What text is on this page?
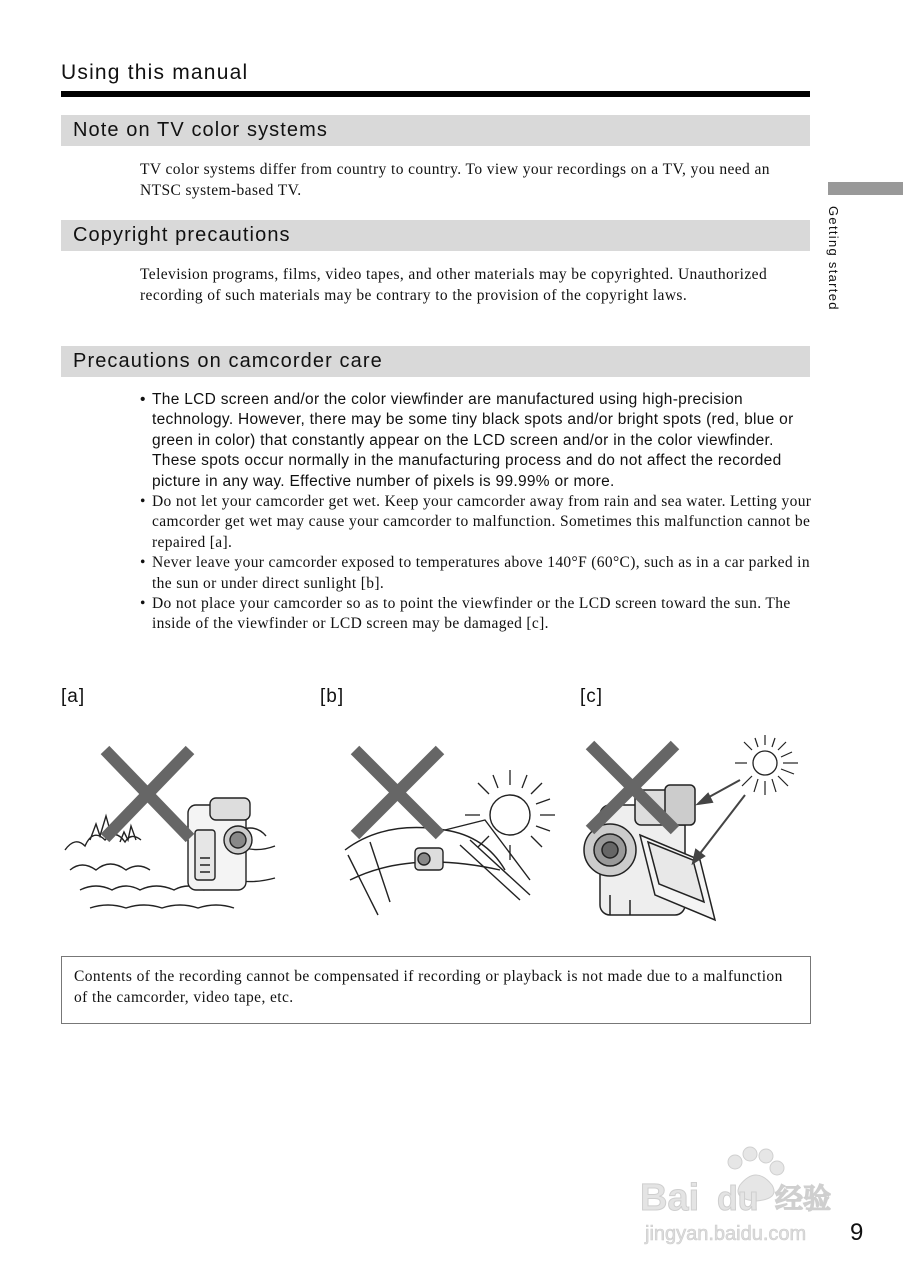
Using this manual
Getting started
Note on TV color systems
TV color systems differ from country to country. To view your recordings on a TV, you need an NTSC system-based TV.
Copyright precautions
Television programs, films, video tapes, and other materials may be copyrighted. Unauthorized recording of such materials may be contrary to the provision of the copyright laws.
Precautions on camcorder care
• The LCD screen and/or the color viewfinder are manufactured using high-precision technology. However, there may be some tiny black spots and/or bright spots (red, blue or green in color) that constantly appear on the LCD screen and/or in the color viewfinder. These spots occur normally in the manufacturing process and do not affect the recorded picture in any way. Effective number of pixels is 99.99% or more.
• Do not let your camcorder get wet. Keep your camcorder away from rain and sea water. Letting your camcorder get wet may cause your camcorder to malfunction. Sometimes this malfunction cannot be repaired [a].
• Never leave your camcorder exposed to temperatures above 140°F (60°C), such as in a car parked in the sun or under direct sunlight [b].
• Do not place your camcorder so as to point the viewfinder or the LCD screen toward the sun. The inside of the viewfinder or LCD screen may be damaged [c].
[a]	[b]	[c]
Contents of the recording cannot be compensated if recording or playback is not made due to a malfunction of the camcorder, video tape, etc.
Bai du 经验
jingyan.baidu.com 9
